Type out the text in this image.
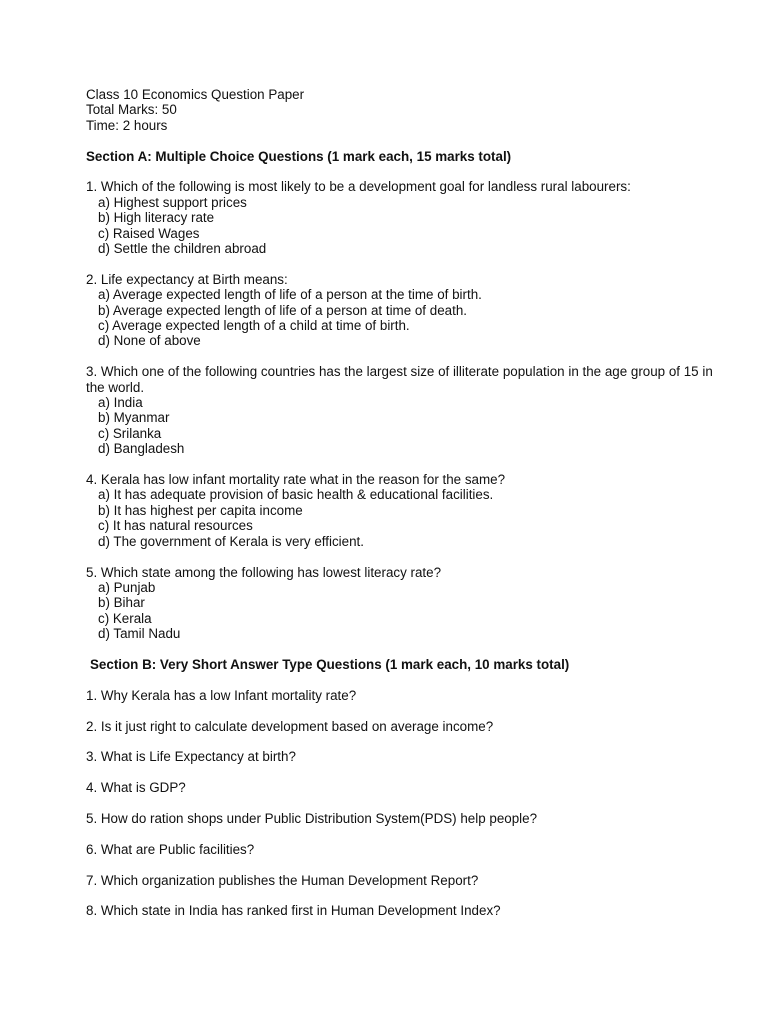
Class 10 Economics Question Paper
Total Marks: 50
Time: 2 hours
Section A: Multiple Choice Questions (1 mark each, 15 marks total)
1. Which of the following is most likely to be a development goal for landless rural labourers:
a) Highest support prices
b) High literacy rate
c) Raised Wages
d) Settle the children abroad
2. Life expectancy at Birth means:
a) Average expected length of life of a person at the time of birth.
b) Average expected length of life of a person at time of death.
c) Average expected length of a child at time of birth.
d) None of above
3. Which one of the following countries has the largest size of illiterate population in the age group of 15 in the world.
a) India
b) Myanmar
c) Srilanka
d) Bangladesh
4. Kerala has low infant mortality rate what in the reason for the same?
a) It has adequate provision of basic health & educational facilities.
b) It has highest per capita income
c) It has natural resources
d) The government of Kerala is very efficient.
5. Which state among the following has lowest literacy rate?
a) Punjab
b) Bihar
c) Kerala
d) Tamil Nadu
Section B: Very Short Answer Type Questions (1 mark each, 10 marks total)
1. Why Kerala has a low Infant mortality rate?
2. Is it just right to calculate development based on average income?
3. What is Life Expectancy at birth?
4. What is GDP?
5. How do ration shops under Public Distribution System(PDS) help people?
6. What are Public facilities?
7. Which organization publishes the Human Development Report?
8. Which state in India has ranked first in Human Development Index?
